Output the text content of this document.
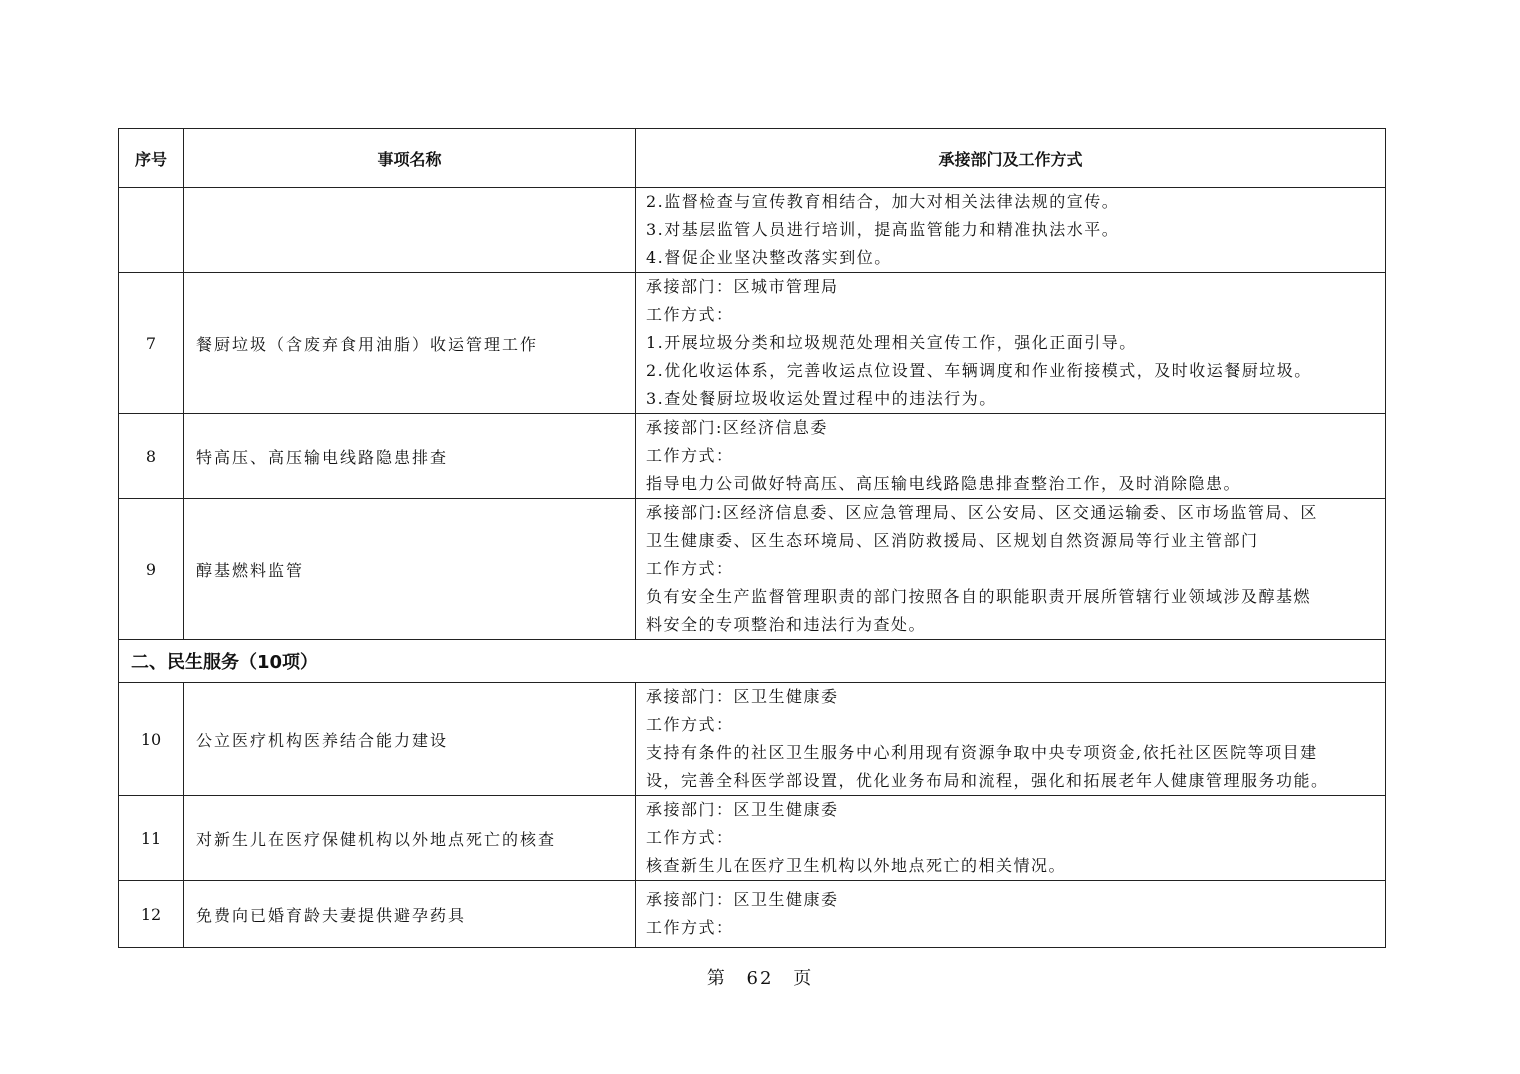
序号	事项名称	承接部门及工作方式

		2.监督检查与宣传教育相结合，加大对相关法律法规的宣传。
3.对基层监管人员进行培训，提高监管能力和精准执法水平。
4.督促企业坚决整改落实到位。

7	餐厨垃圾（含废弃食用油脂）收运管理工作	承接部门：区城市管理局
工作方式：
1.开展垃圾分类和垃圾规范处理相关宣传工作，强化正面引导。
2.优化收运体系，完善收运点位设置、车辆调度和作业衔接模式，及时收运餐厨垃圾。
3.查处餐厨垃圾收运处置过程中的违法行为。

8	特高压、高压输电线路隐患排查	承接部门:区经济信息委
工作方式：
指导电力公司做好特高压、高压输电线路隐患排查整治工作，及时消除隐患。

9	醇基燃料监管	承接部门:区经济信息委、区应急管理局、区公安局、区交通运输委、区市场监管局、区
卫生健康委、区生态环境局、区消防救援局、区规划自然资源局等行业主管部门
工作方式：
负有安全生产监督管理职责的部门按照各自的职能职责开展所管辖行业领域涉及醇基燃
料安全的专项整治和违法行为查处。

二、民生服务（10项）		
10	公立医疗机构医养结合能力建设	承接部门：区卫生健康委
工作方式：
支持有条件的社区卫生服务中心利用现有资源争取中央专项资金,依托社区医院等项目建
设，完善全科医学部设置，优化业务布局和流程，强化和拓展老年人健康管理服务功能。

11	对新生儿在医疗保健机构以外地点死亡的核查	承接部门：区卫生健康委
工作方式：
核查新生儿在医疗卫生机构以外地点死亡的相关情况。

12	免费向已婚育龄夫妻提供避孕药具	承接部门：区卫生健康委
工作方式：
第 62 页
